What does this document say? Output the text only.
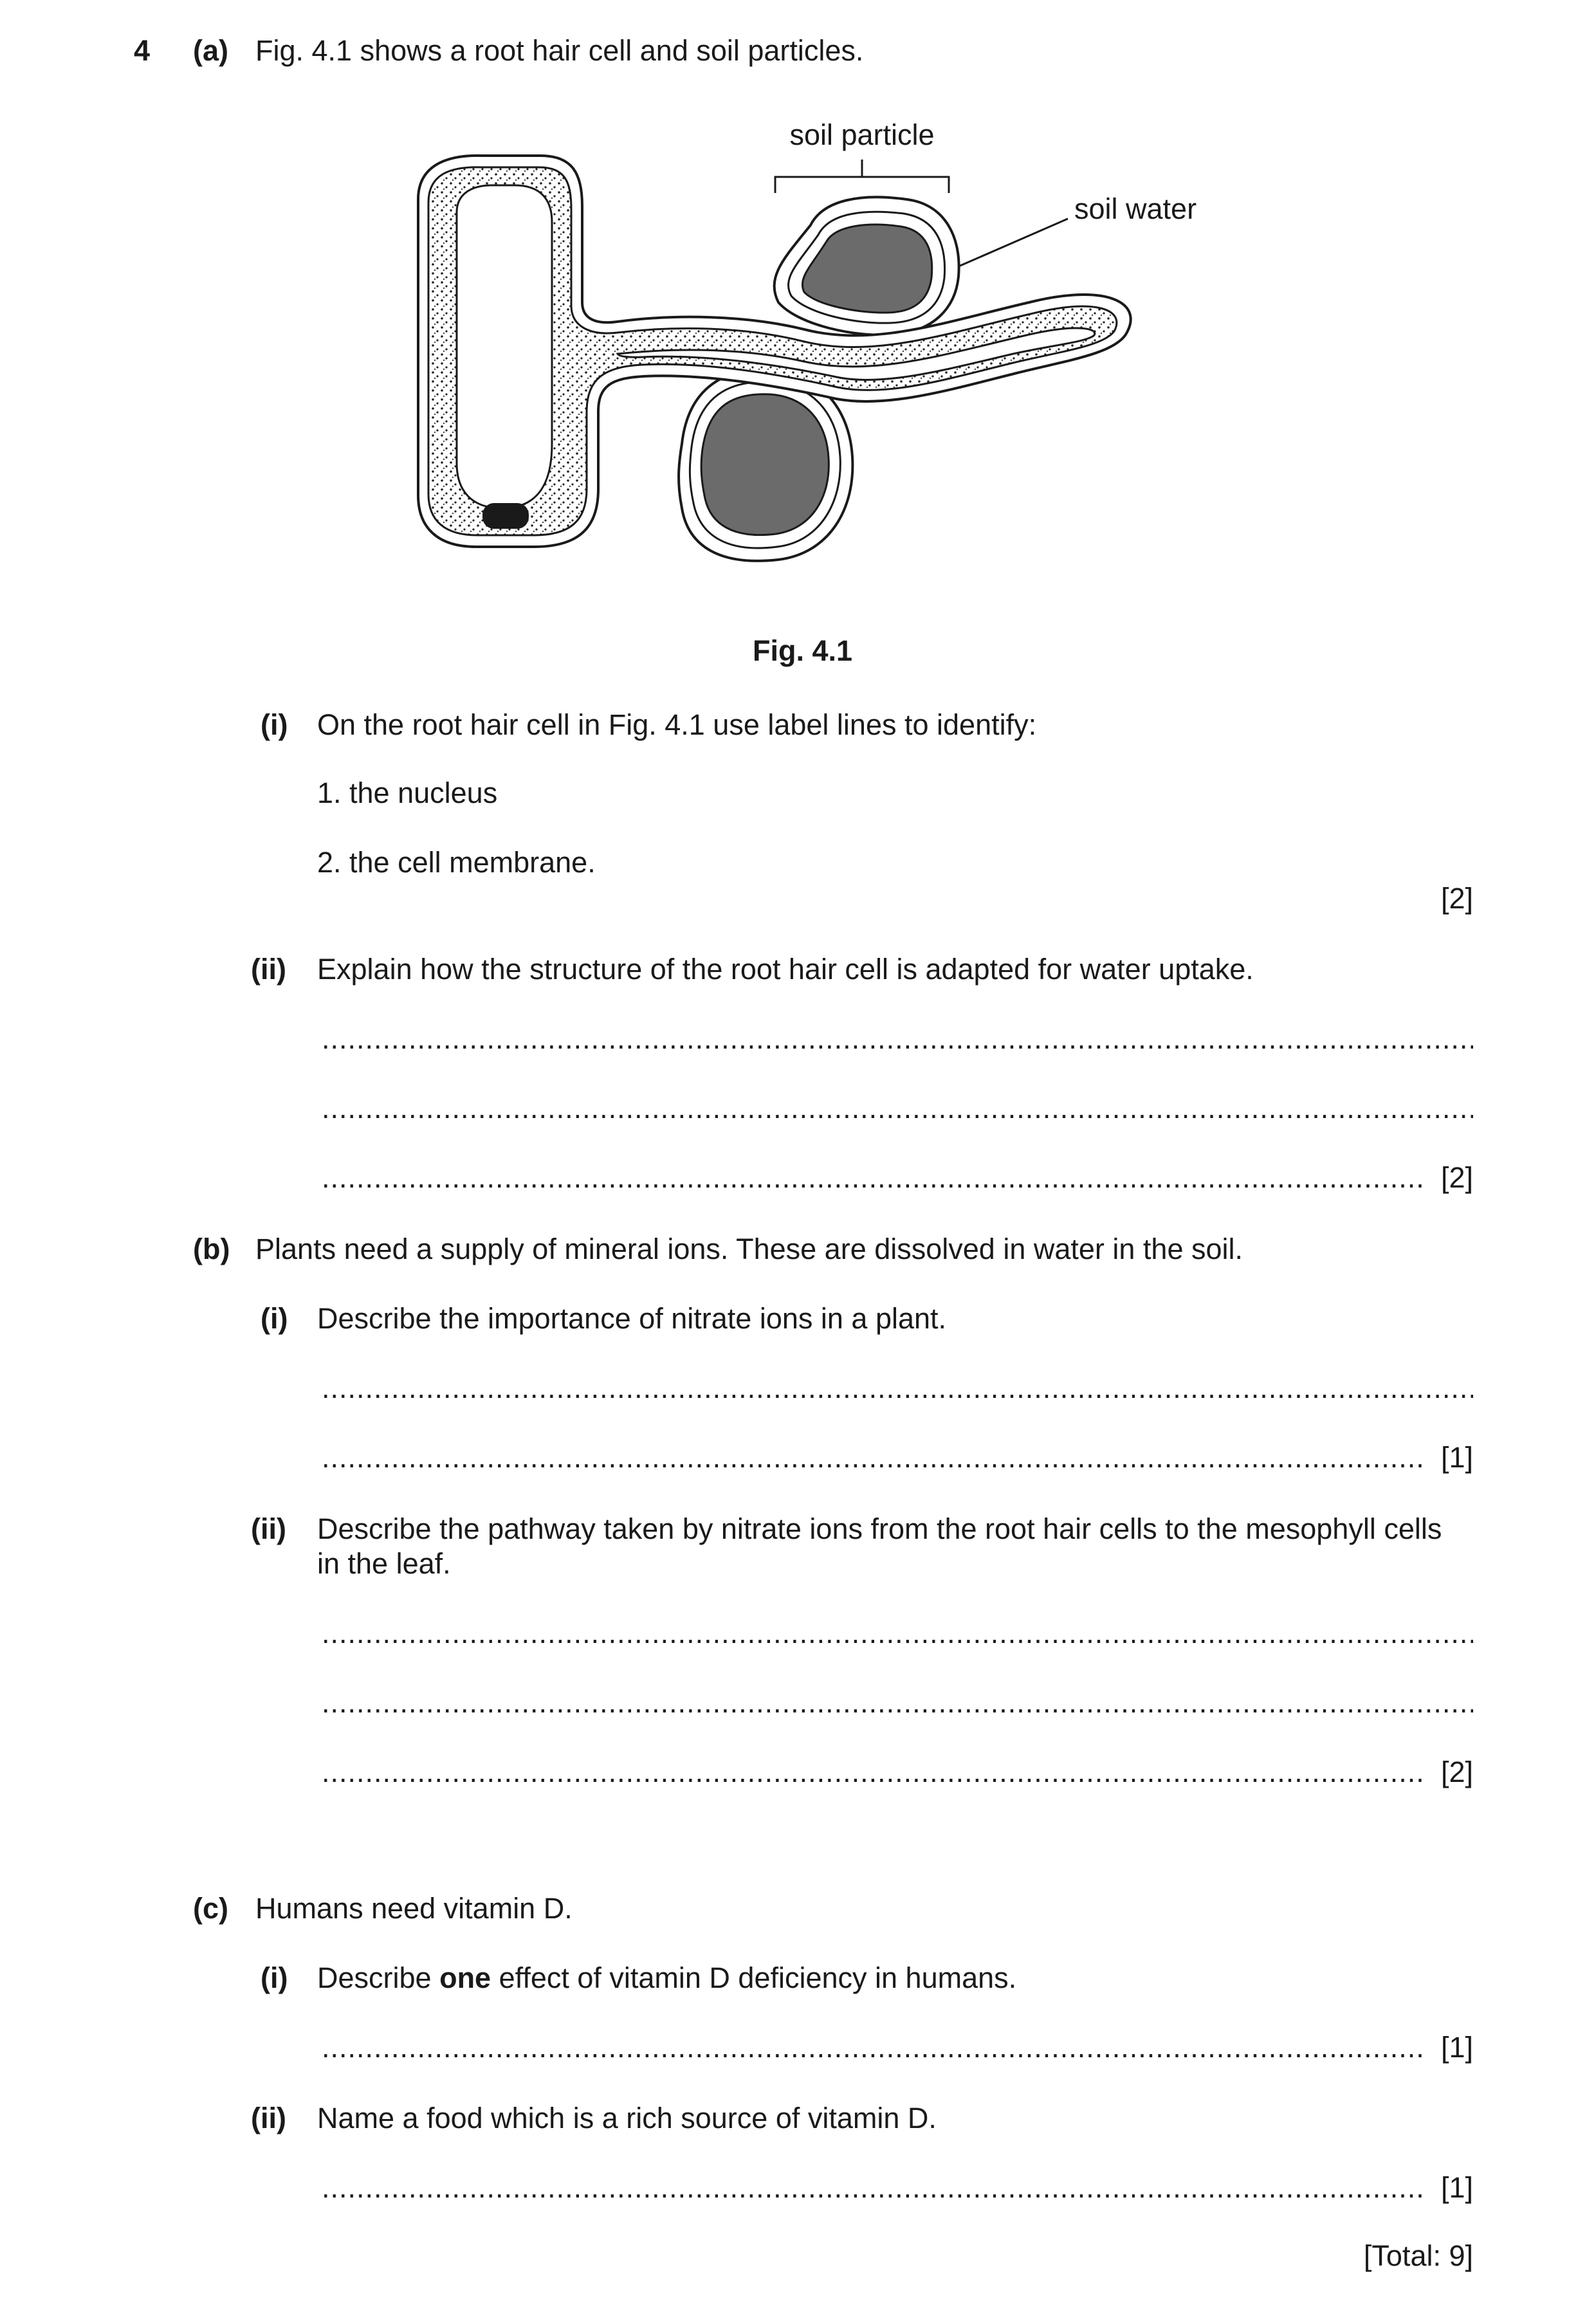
4 (a) Fig. 4.1 shows a root hair cell and soil particles.
soil particle
soil water
Fig. 4.1
(i) On the root hair cell in Fig. 4.1 use label lines to identify:
1. the nucleus
2. the cell membrane.
[2]
(ii) Explain how the structure of the root hair cell is adapted for water uptake.
.....
.....
.....
[2]
(b) Plants need a supply of mineral ions. These are dissolved in water in the soil.
(i) Describe the importance of nitrate ions in a plant.
.....
.....
[1]
(ii) Describe the pathway taken by nitrate ions from the root hair cells to the mesophyll cells
in the leaf.
.....
.....
.....
[2]
(c) Humans need vitamin D.
(i) Describe one effect of vitamin D deficiency in humans.
.....
[1]
(ii) Name a food which is a rich source of vitamin D.
.....
[1]
[Total: 9]
